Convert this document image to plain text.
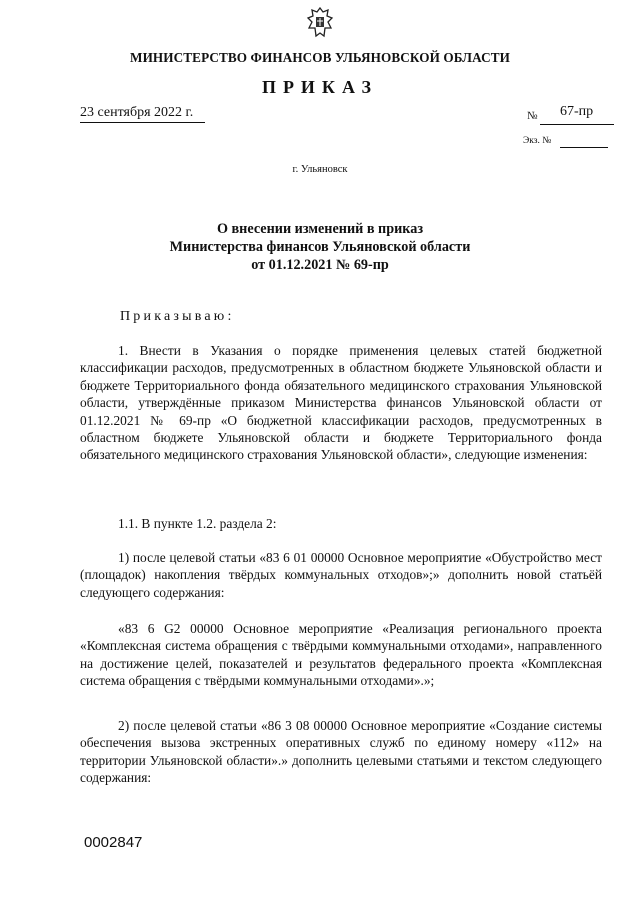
МИНИСТЕРСТВО ФИНАНСОВ УЛЬЯНОВСКОЙ ОБЛАСТИ
ПРИКАЗ
23 сентября 2022 г.	№ 67-пр
Экз. №
г. Ульяновск
О внесении изменений в приказ
Министерства финансов Ульяновской области
от 01.12.2021 № 69-пр
Приказываю:

1. Внести в Указания о порядке применения целевых статей бюджетной классификации расходов, предусмотренных в областном бюджете Ульяновской области и бюджете Территориального фонда обязательного медицинского страхования Ульяновской области, утверждённые приказом Министерства финансов Ульяновской области от 01.12.2021 № 69-пр «О бюджетной классификации расходов, предусмотренных в областном бюджете Ульяновской области и бюджете Территориального фонда обязательного медицинского страхования Ульяновской области», следующие изменения:

1.1. В пункте 1.2. раздела 2:

1) после целевой статьи «83 6 01 00000 Основное мероприятие «Обустройство мест (площадок) накопления твёрдых коммунальных отходов»;» дополнить новой статьёй следующего содержания:

«83 6 G2 00000 Основное мероприятие «Реализация регионального проекта «Комплексная система обращения с твёрдыми коммунальными отходами», направленного на достижение целей, показателей и результатов федерального проекта «Комплексная система обращения с твёрдыми коммунальными отходами».»;

2) после целевой статьи «86 3 08 00000 Основное мероприятие «Создание системы обеспечения вызова экстренных оперативных служб по единому номеру «112» на территории Ульяновской области».» дополнить целевыми статьями и текстом следующего содержания:

0002847
